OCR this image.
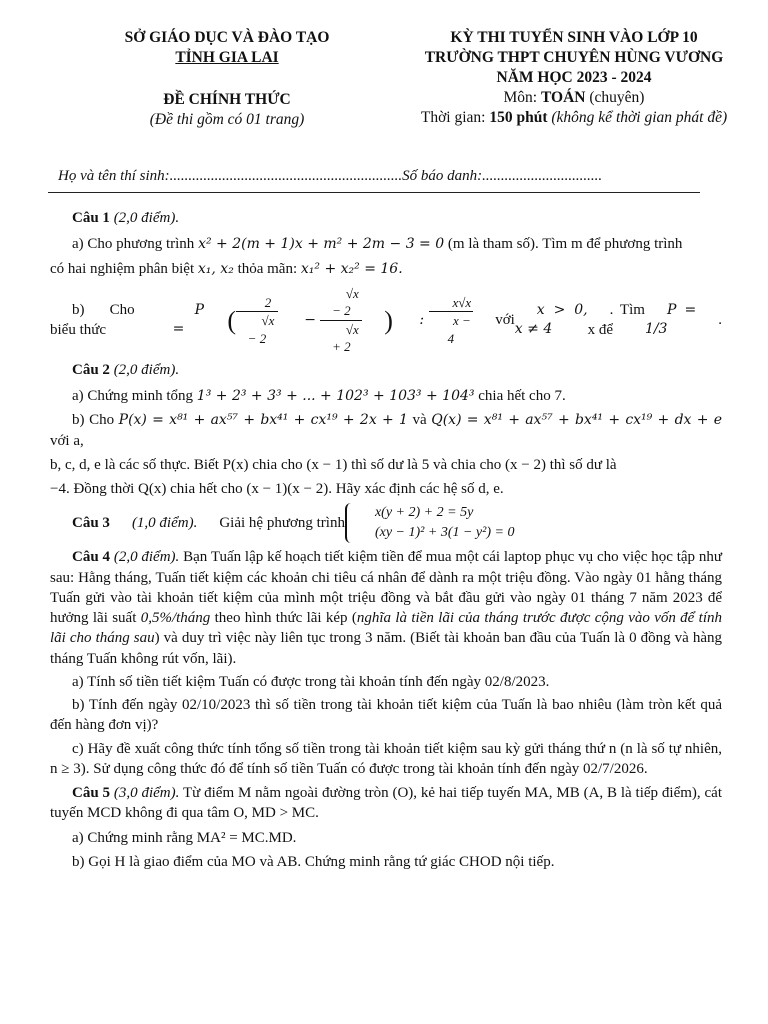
SỞ GIÁO DỤC VÀ ĐÀO TẠO
TỈNH GIA LAI
ĐỀ CHÍNH THỨC
(Đề thi gồm có 01 trang)
KỲ THI TUYỂN SINH VÀO LỚP 10
TRƯỜNG THPT CHUYÊN HÙNG VƯƠNG
NĂM HỌC 2023 - 2024
Môn: TOÁN (chuyên)
Thời gian: 150 phút (không kể thời gian phát đề)
Họ và tên thí sinh:..............................................................Số báo danh:................................
Câu 1 (2,0 điểm).
a) Cho phương trình x² + 2(m + 1)x + m² + 2m − 3 = 0 (m là tham số). Tìm m để phương trình
có hai nghiệm phân biệt x₁, x₂ thỏa mãn: x₁² + x₂² = 16.
b) Cho biểu thức
P =	( $\frac{2}{√x - 2}$	− $\frac{√x - 2}{√x + 2}$ )	: $\frac{x√x}{x - 4}$	với
x > 0, x ≠ 4
. Tìm x để
P = 1/3
.
Câu 2 (2,0 điểm).
a) Chứng minh tổng 1³ + 2³ + 3³ + ... + 102³ + 103³ + 104³ chia hết cho 7.
b) Cho P(x) = x⁸¹ + ax⁵⁷ + bx⁴¹ + cx¹⁹ + 2x + 1 và Q(x) = x⁸¹ + ax⁵⁷ + bx⁴¹ + cx¹⁹ + dx + e với a,
b, c, d, e là các số thực. Biết P(x) chia cho (x − 1) thì số dư là 5 và chia cho (x − 2) thì số dư là
−4. Đồng thời Q(x) chia hết cho (x − 1)(x − 2). Hãy xác định các hệ số d, e.
Câu 3	(1,0 điểm).	Giải hệ phương trình
x(y + 2) + 2 = 5y
(xy − 1)² + 3(1 − y²) = 0
Câu 4 (2,0 điểm). Bạn Tuấn lập kế hoạch tiết kiệm tiền để mua một cái laptop phục vụ cho việc học tập như sau: Hằng tháng, Tuấn tiết kiệm các khoản chi tiêu cá nhân để dành ra một triệu đồng. Vào ngày 01 hằng tháng Tuấn gửi vào tài khoản tiết kiệm của mình một triệu đồng và bắt đầu gửi vào ngày 01 tháng 7 năm 2023 để hưởng lãi suất 0,5%/tháng theo hình thức lãi kép (nghĩa là tiền lãi của tháng trước được cộng vào vốn để tính lãi cho tháng sau) và duy trì việc này liên tục trong 3 năm. (Biết tài khoản ban đầu của Tuấn là 0 đồng và hàng tháng Tuấn không rút vốn, lãi).
a) Tính số tiền tiết kiệm Tuấn có được trong tài khoản tính đến ngày 02/8/2023.
b) Tính đến ngày 02/10/2023 thì số tiền trong tài khoản tiết kiệm của Tuấn là bao nhiêu (làm tròn kết quả đến hàng đơn vị)?
c) Hãy đề xuất công thức tính tổng số tiền trong tài khoản tiết kiệm sau kỳ gửi tháng thứ n (n là số tự nhiên, n ≥ 3). Sử dụng công thức đó để tính số tiền Tuấn có được trong tài khoản tính đến ngày 02/7/2026.
Câu 5 (3,0 điểm). Từ điểm M nằm ngoài đường tròn (O), kẻ hai tiếp tuyến MA, MB (A, B là tiếp điểm), cát tuyến MCD không đi qua tâm O, MD > MC.
a) Chứng minh rằng MA² = MC.MD.
b) Gọi H là giao điểm của MO và AB. Chứng minh rằng tứ giác CHOD nội tiếp.
